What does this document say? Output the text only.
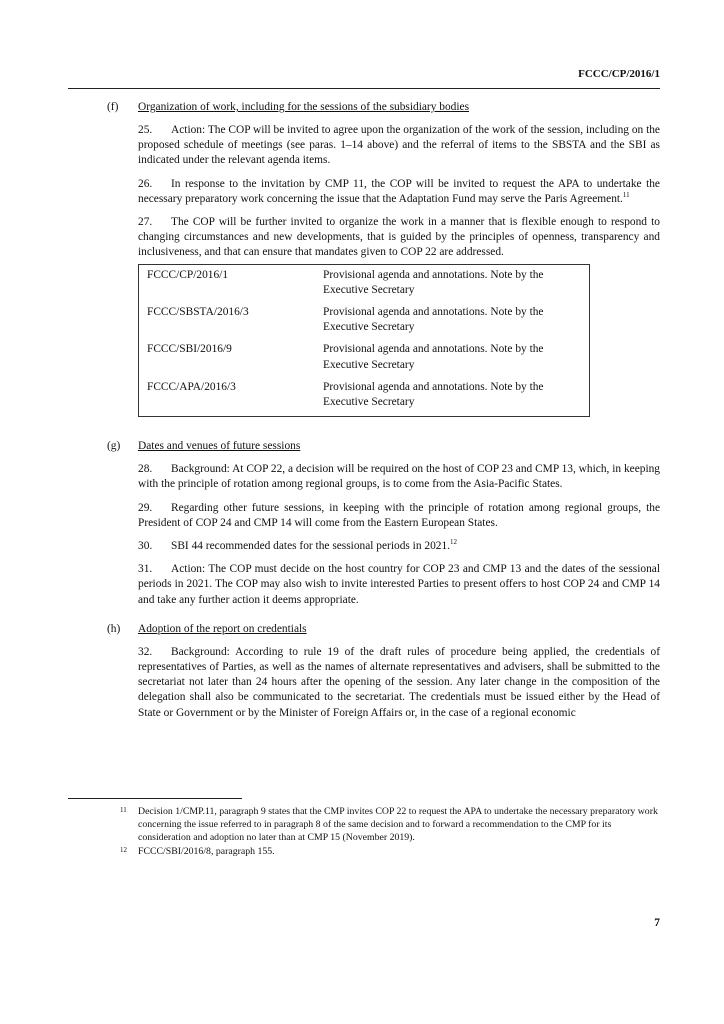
FCCC/CP/2016/1
(f)	Organization of work, including for the sessions of the subsidiary bodies

25. Action: The COP will be invited to agree upon the organization of the work of the session, including on the proposed schedule of meetings (see paras. 1–14 above) and the referral of items to the SBSTA and the SBI as indicated under the relevant agenda items.

26. In response to the invitation by CMP 11, the COP will be invited to request the APA to undertake the necessary preparatory work concerning the issue that the Adaptation Fund may serve the Paris Agreement.$^{11}$

27. The COP will be further invited to organize the work in a manner that is flexible enough to respond to changing circumstances and new developments, that is guided by the principles of openness, transparency and inclusiveness, and that can ensure that mandates given to COP 22 are addressed.

FCCC/CP/2016/1	Provisional agenda and annotations. Note by the Executive Secretary
FCCC/SBSTA/2016/3	Provisional agenda and annotations. Note by the Executive Secretary
FCCC/SBI/2016/9	Provisional agenda and annotations. Note by the Executive Secretary
FCCC/APA/2016/3	Provisional agenda and annotations. Note by the Executive Secretary
(g)	Dates and venues of future sessions

28. Background: At COP 22, a decision will be required on the host of COP 23 and CMP 13, which, in keeping with the principle of rotation among regional groups, is to come from the Asia-Pacific States.

29. Regarding other future sessions, in keeping with the principle of rotation among regional groups, the President of COP 24 and CMP 14 will come from the Eastern European States.

30. SBI 44 recommended dates for the sessional periods in 2021.12

31. Action: The COP must decide on the host country for COP 23 and CMP 13 and the dates of the sessional periods in 2021. The COP may also wish to invite interested Parties to present offers to host COP 24 and CMP 14 and take any further action it deems appropriate.

(h)	Adoption of the report on credentials

32. Background: According to rule 19 of the draft rules of procedure being applied, the credentials of representatives of Parties, as well as the names of alternate representatives and advisers, shall be submitted to the secretariat not later than 24 hours after the opening of the session. Any later change in the composition of the delegation shall also be communicated to the secretariat. The credentials must be issued either by the Head of State or Government or by the Minister of Foreign Affairs or, in the case of a regional economic

11	Decision 1/CMP.11, paragraph 9 states that the CMP invites COP 22 to request the APA to undertake the necessary preparatory work concerning the issue referred to in paragraph 8 of the same decision and to forward a recommendation to the CMP for its consideration and adoption no later than at CMP 15 (November 2019).
12	FCCC/SBI/2016/8, paragraph 155.
7
